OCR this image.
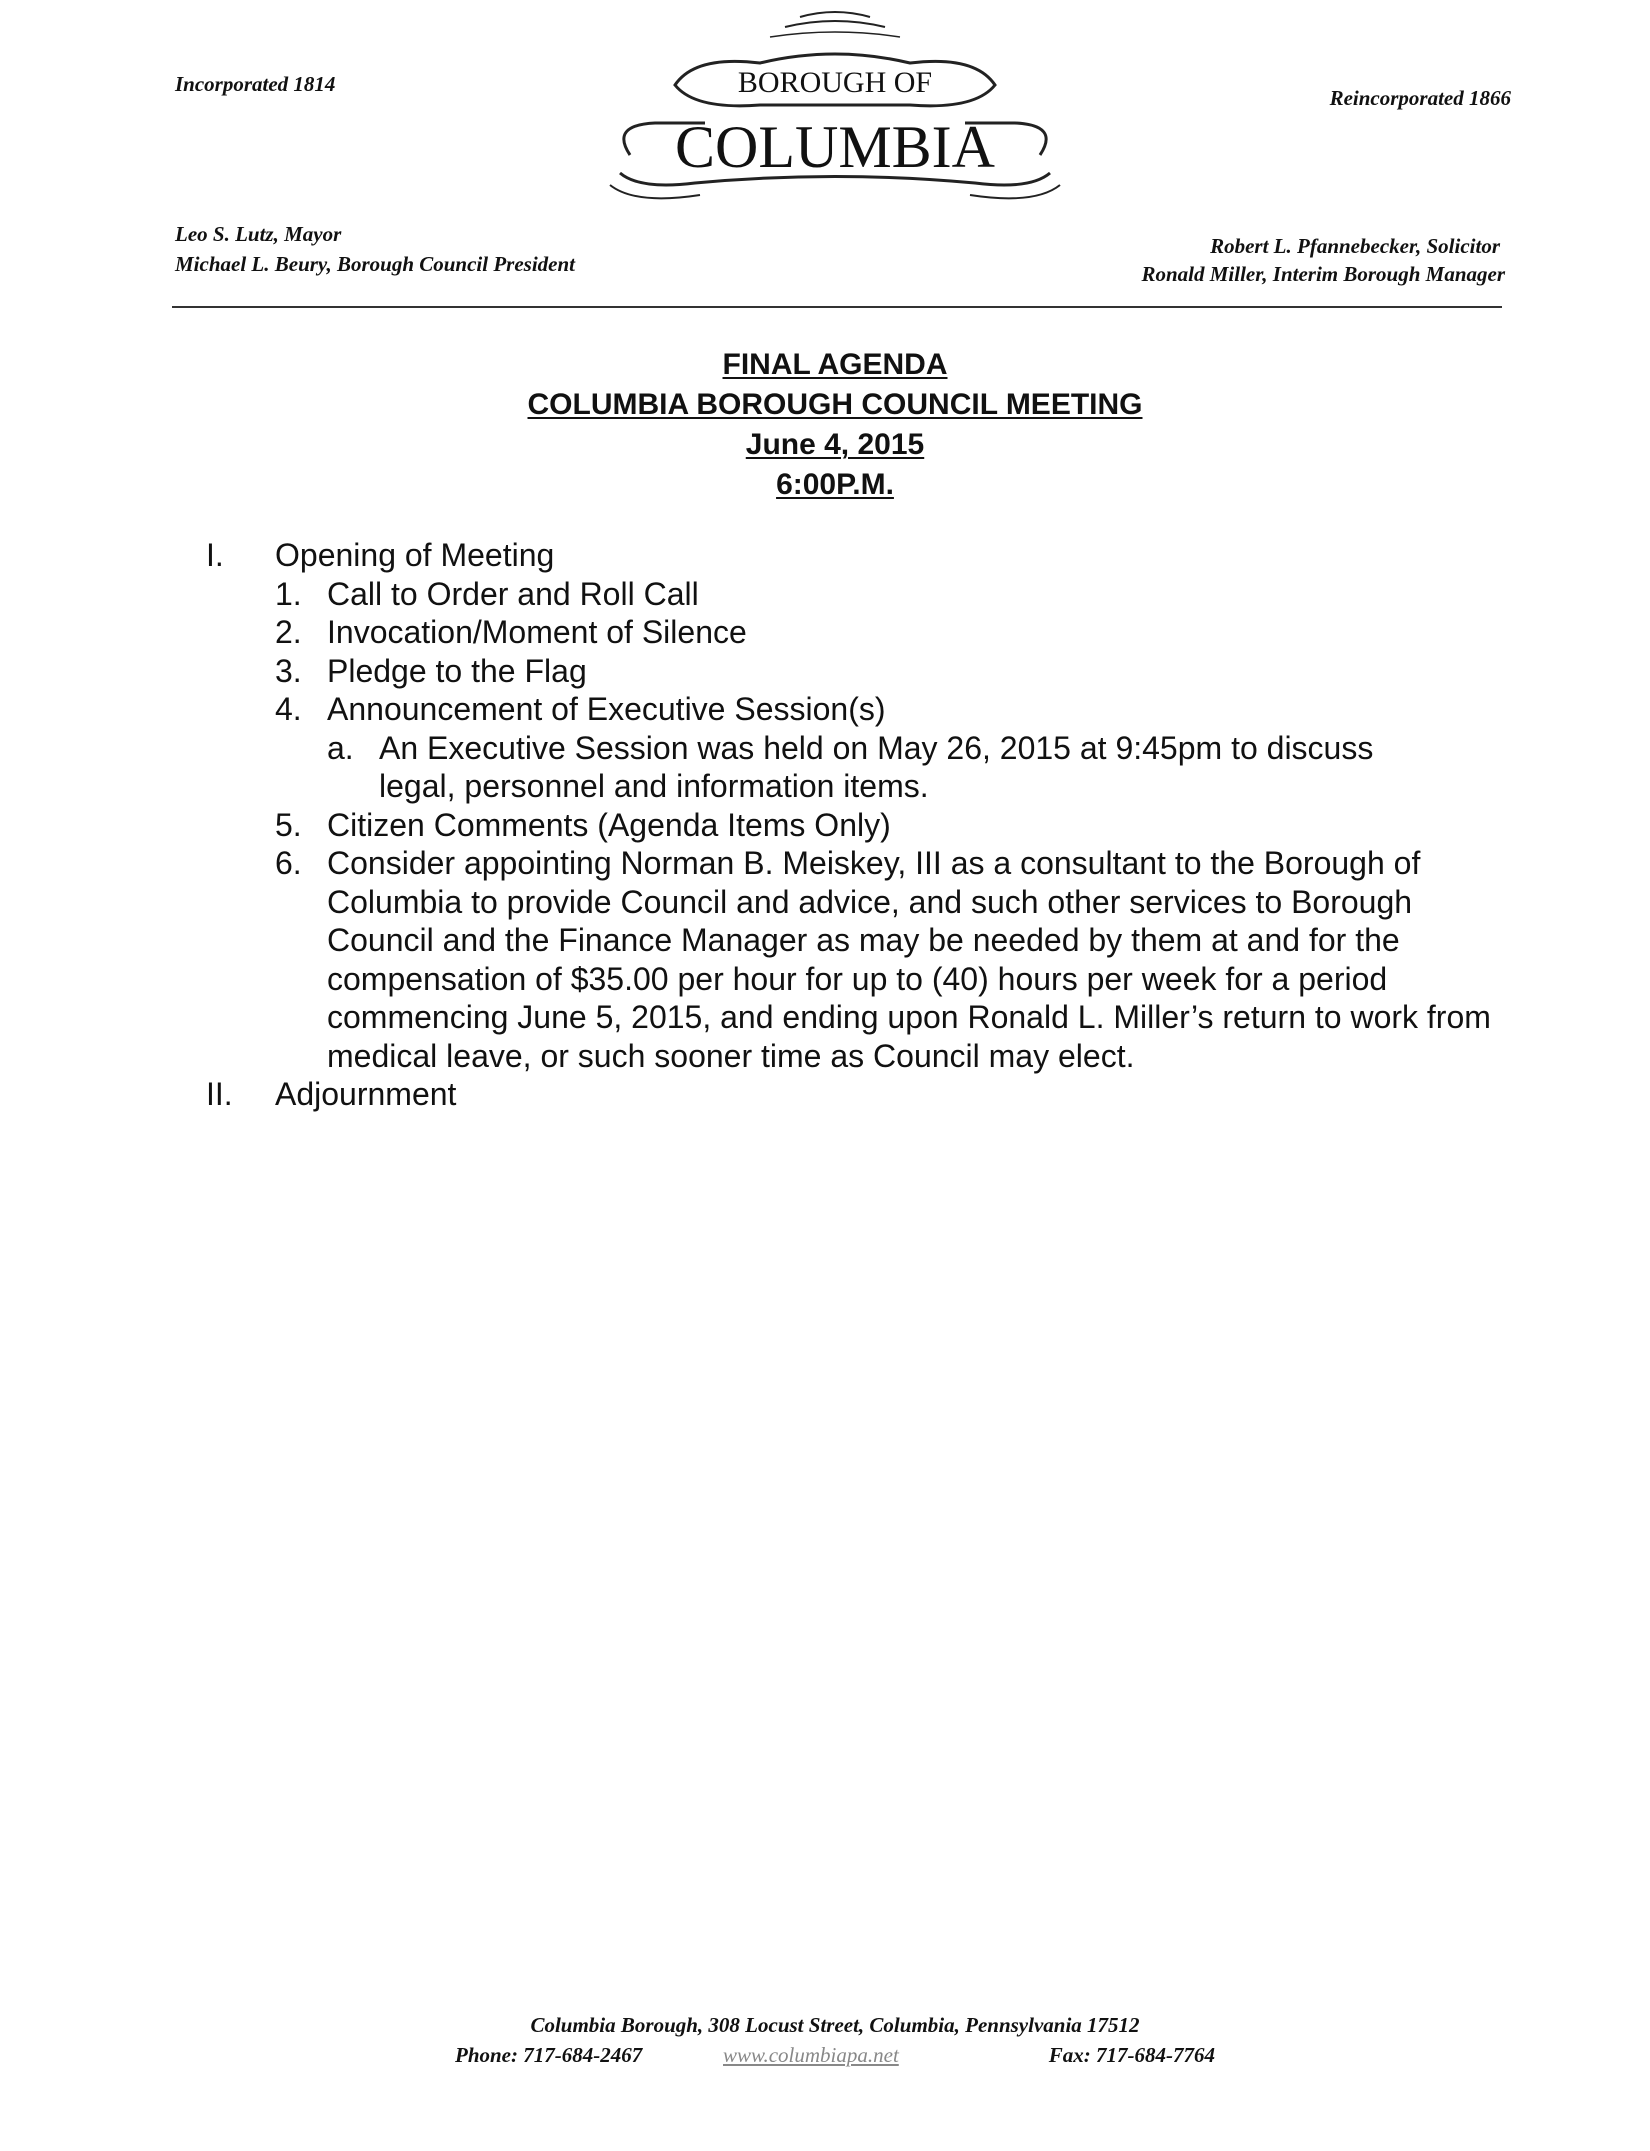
Incorporated 1814
Reincorporated 1866
BOROUGH OF
COLUMBIA
Leo S. Lutz, Mayor
Michael L. Beury, Borough Council President
Robert L. Pfannebecker, Solicitor
Ronald Miller, Interim Borough Manager
FINAL AGENDA
COLUMBIA BOROUGH COUNCIL MEETING
June 4, 2015
6:00P.M.
I. Opening of Meeting
1. Call to Order and Roll Call
2. Invocation/Moment of Silence
3. Pledge to the Flag
4. Announcement of Executive Session(s)
a. An Executive Session was held on May 26, 2015 at 9:45pm to discuss legal, personnel and information items.
5. Citizen Comments (Agenda Items Only)
6. Consider appointing Norman B. Meiskey, III as a consultant to the Borough of Columbia to provide Council and advice, and such other services to Borough Council and the Finance Manager as may be needed by them at and for the compensation of $35.00 per hour for up to (40) hours per week for a period commencing June 5, 2015, and ending upon Ronald L. Miller’s return to work from medical leave, or such sooner time as Council may elect.
II. Adjournment
Columbia Borough, 308 Locust Street, Columbia, Pennsylvania 17512
Phone: 717-684-2467	www.columbiapa.net	Fax: 717-684-7764
